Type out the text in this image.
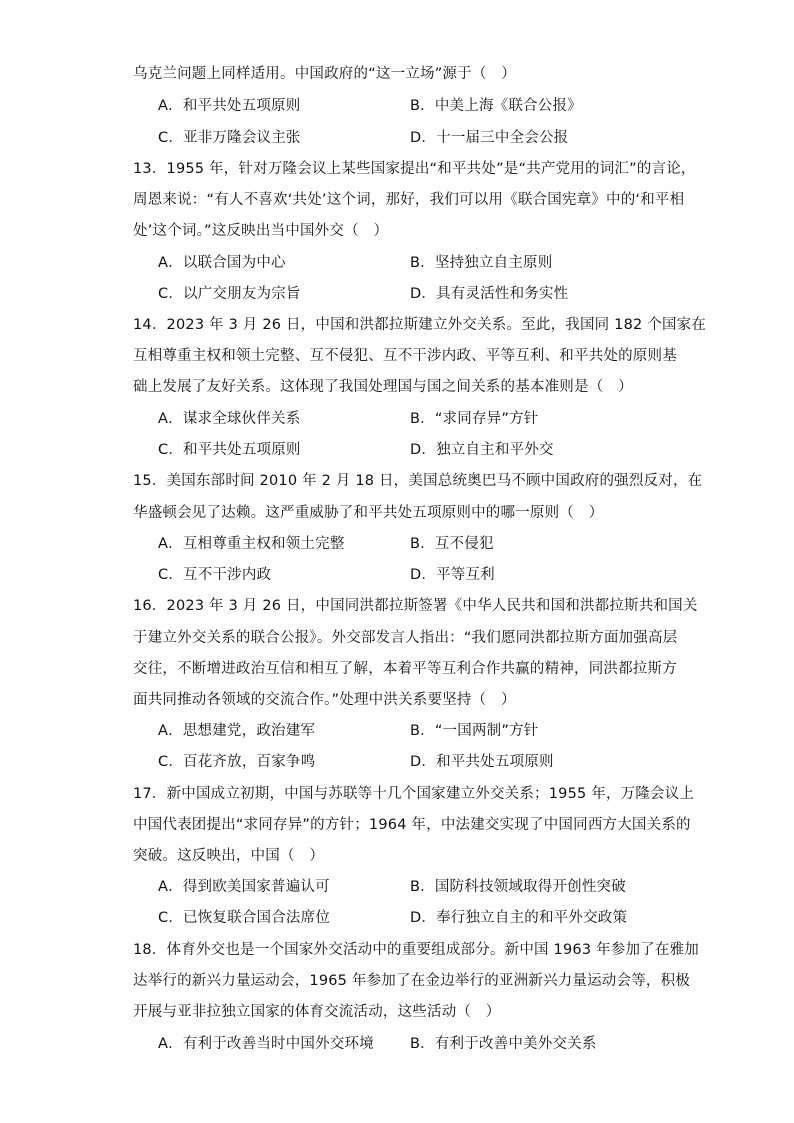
乌克兰问题上同样适用。中国政府的“这一立场”源于（　）
A．和平共处五项原则	B．中美上海《联合公报》
C．亚非万隆会议主张	D．十一届三中全会公报
13．1955 年，针对万隆会议上某些国家提出“和平共处”是“共产党用的词汇”的言论，
周恩来说：“有人不喜欢‘共处’这个词，那好，我们可以用《联合国宪章》中的‘和平相
处’这个词。”这反映出当中国外交（　）
A．以联合国为中心	B．坚持独立自主原则
C．以广交朋友为宗旨	D．具有灵活性和务实性
14．2023 年 3 月 26 日，中国和洪都拉斯建立外交关系。至此，我国同 182 个国家在
互相尊重主权和领土完整、互不侵犯、互不干涉内政、平等互利、和平共处的原则基
础上发展了友好关系。这体现了我国处理国与国之间关系的基本准则是（　）
A．谋求全球伙伴关系	B．“求同存异”方针
C．和平共处五项原则	D．独立自主和平外交
15．美国东部时间 2010 年 2 月 18 日，美国总统奥巴马不顾中国政府的强烈反对，在
华盛顿会见了达赖。这严重威胁了和平共处五项原则中的哪一原则（　）
A．互相尊重主权和领土完整	B．互不侵犯
C．互不干涉内政	D．平等互利
16．2023 年 3 月 26 日，中国同洪都拉斯签署《中华人民共和国和洪都拉斯共和国关
于建立外交关系的联合公报》。外交部发言人指出：“我们愿同洪都拉斯方面加强高层
交往，不断增进政治互信和相互了解，本着平等互利合作共赢的精神，同洪都拉斯方
面共同推动各领域的交流合作。”处理中洪关系要坚持（　）
A．思想建党，政治建军	B．“一国两制”方针
C．百花齐放，百家争鸣	D．和平共处五项原则
17．新中国成立初期，中国与苏联等十几个国家建立外交关系；1955 年，万隆会议上
中国代表团提出“求同存异”的方针；1964 年，中法建交实现了中国同西方大国关系的
突破。这反映出，中国（　）
A．得到欧美国家普遍认可	B．国防科技领域取得开创性突破
C．已恢复联合国合法席位	D．奉行独立自主的和平外交政策
18．体育外交也是一个国家外交活动中的重要组成部分。新中国 1963 年参加了在雅加
达举行的新兴力量运动会，1965 年参加了在金边举行的亚洲新兴力量运动会等，积极
开展与亚非拉独立国家的体育交流活动，这些活动（　）
A．有利于改善当时中国外交环境 B．有利于改善中美外交关系
